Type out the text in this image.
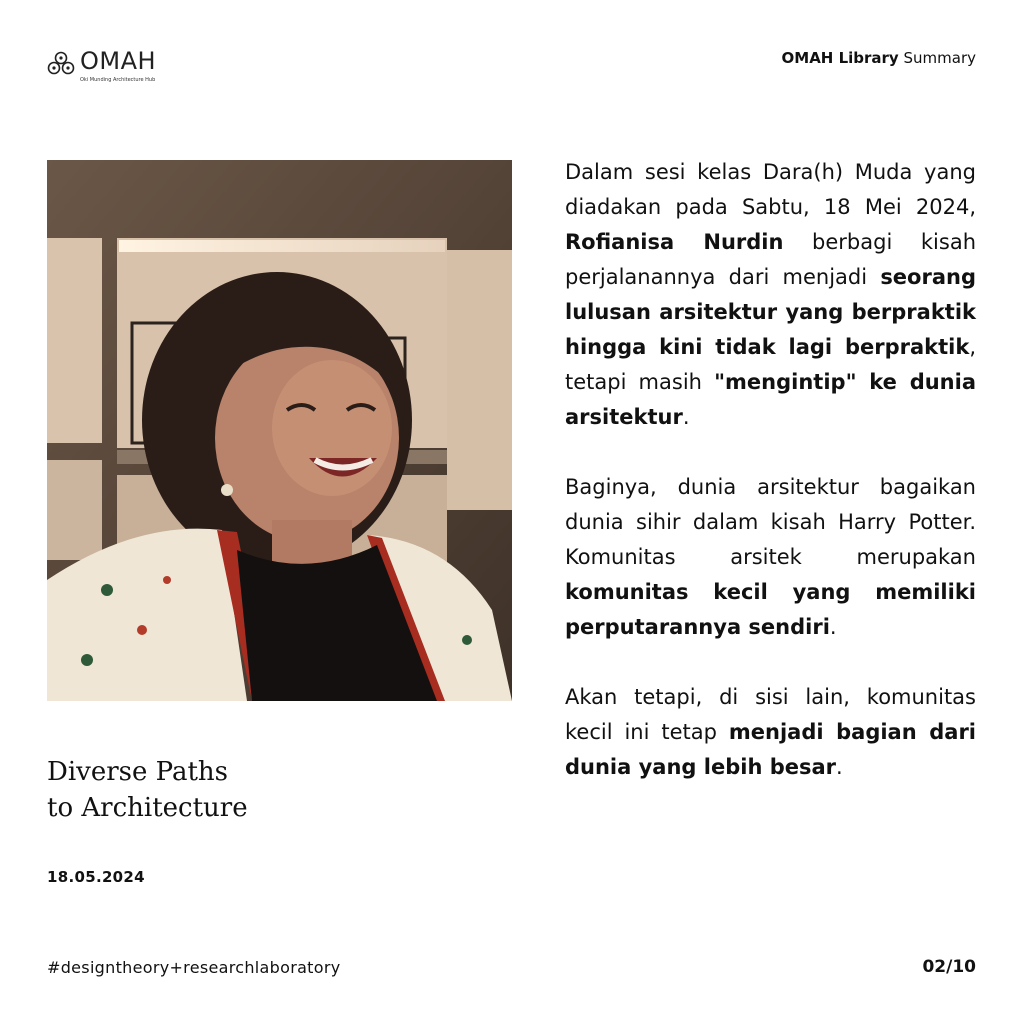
OMAH
Oki Munding Architecture Hub
OMAH Library Summary
Diverse Paths
to Architecture
18.05.2024

Dalam sesi kelas Dara(h) Muda yang diadakan pada Sabtu, 18 Mei 2024, Rofianisa Nurdin berbagi kisah perjalanannya dari menjadi seorang lulusan arsitektur yang berpraktik hingga kini tidak lagi berpraktik, tetapi masih "mengintip" ke dunia arsitektur.

Baginya, dunia arsitektur bagaikan dunia sihir dalam kisah Harry Potter. Komunitas arsitek merupakan komunitas kecil yang memiliki perputarannya sendiri.

Akan tetapi, di sisi lain, komunitas kecil ini tetap menjadi bagian dari dunia yang lebih besar.

#designtheory+researchlaboratory	02/10
